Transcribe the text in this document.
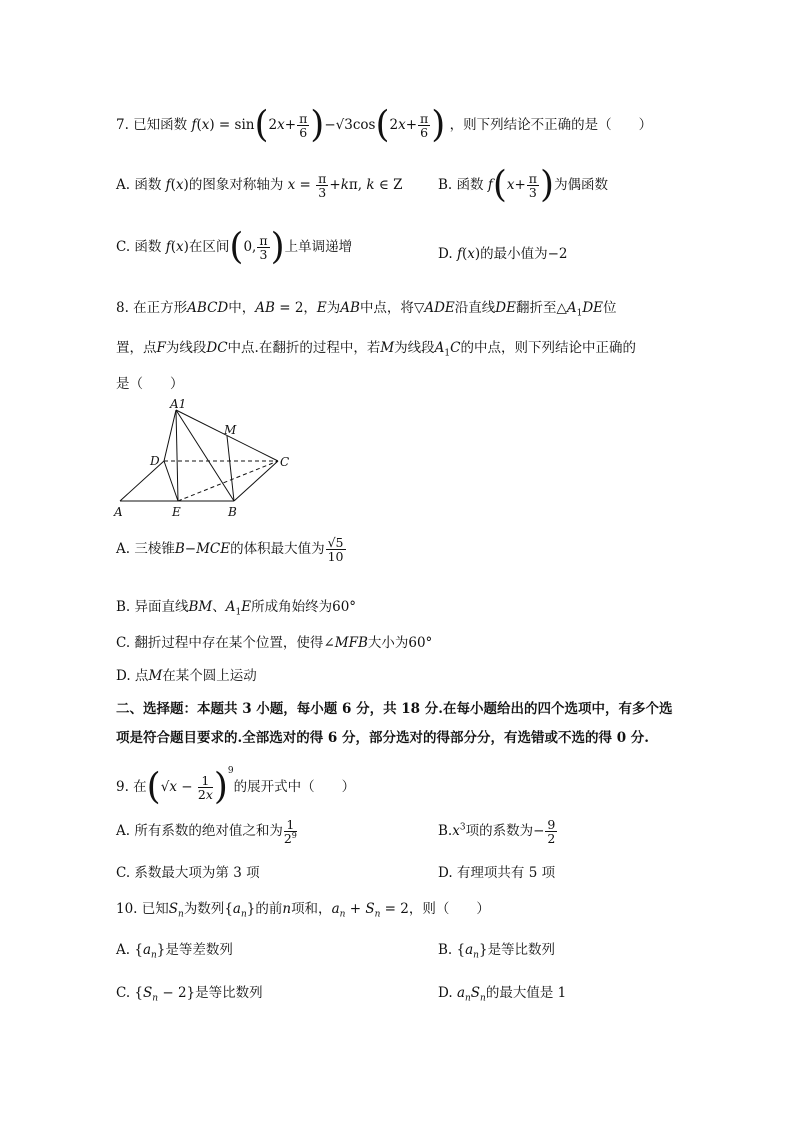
7. 已知函数 $f(x) = \sin(2x+ \frac{\pi}{6} )-√3\cos(2x+ \frac{\pi}{6}$ ) ，则下列结论不正确的是（　　）
A. 函数 f(x)的图象对称轴为 $x = \frac{\pi}{3} +k\pi$, k ∈ Z	B. 函数 $f(x+ \frac{\pi}{3}$ )为偶函数
C. 函数 f(x)在区间(0, $\frac{\pi}{3}$ )上单调递增	D. f(x)的最小值为−2
8. 在正方形ABCD中，AB = 2，E为AB中点，将▽ADE沿直线DE翻折至$\triangle A_1DE$位
置，点F为线段DC中点.在翻折的过程中，若M为线段$A_1C$的中点，则下列结论中正确的
是（　　）
A1
M
D	C
A	E	B
A. 三棱锥B−MCE的体积最大值为 $\frac{√5}{10}$
B. 异面直线BM、$A_1E$所成角始终为60°
C. 翻折过程中存在某个位置，使得∠MFB大小为60°
D. 点M在某个圆上运动
二、选择题：本题共 3 小题，每小题 6 分，共 18 分.在每小题给出的四个选项中，有多个选
项是符合题目要求的.全部选对的得 6 分，部分选对的得部分分，有选错或不选的得 0 分.
9. 在$(√x - \frac{1}{2x} )^9$的展开式中（　　）
A. 所有系数的绝对值之和为 $\frac{1}{2^9}$	$B.x^3$项的系数为− $\frac{9}{2}$
C. 系数最大项为第 3 项	D. 有理项共有 5 项
10. 已知$S_n$为数列$\{a_n\}$的前n项和，$a_n + S_n = 2$，则（　　）
A. $\{a_n\}$是等差数列	B. $\{a_n\}$是等比数列
C. $\{S_n - 2\}$是等比数列	D. $a_nS_n$的最大值是 1
